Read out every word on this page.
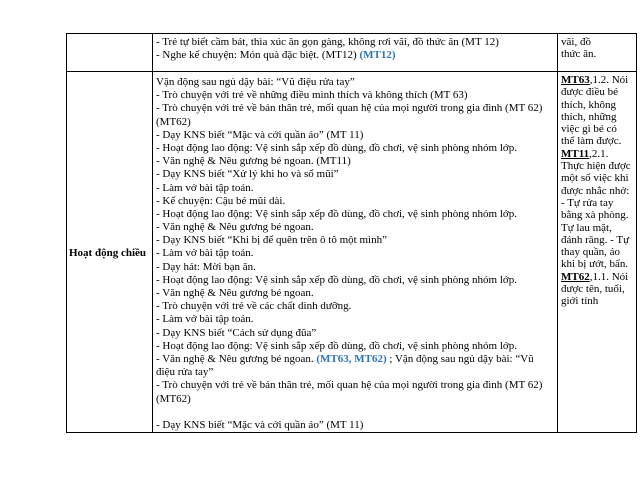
- Trẻ tự biết cầm bát, thìa xúc ăn gọn gàng, không rơi vãi, đồ thức ăn (MT 12)
- Nghe kể chuyện: Món quà đặc biệt. (MT12) (MT12)
vãi, đồ
thức ăn.
Hoạt động chiều
Vận động sau ngủ dậy bài: “Vũ điệu rửa tay”
- Trò chuyện với trẻ về những điều mình thích và không thích (MT 63)
- Trò chuyện với trẻ về bản thân trẻ, mối quan hệ của mọi người trong gia đình (MT 62) (MT62)
- Dạy KNS biết “Mặc và cởi quần áo” (MT 11)
- Hoạt động lao động: Vệ sinh sắp xếp đồ dùng, đồ chơi, vệ sinh phòng nhóm lớp.
- Văn nghệ & Nêu gương bé ngoan. (MT11)
- Dạy KNS biết “Xử lý khi ho và sổ mũi”
- Làm vở bài tập toán.
- Kể chuyện: Cậu bé mũi dài.
- Hoạt động lao động: Vệ sinh sắp xếp đồ dùng, đồ chơi, vệ sinh phòng nhóm lớp.
- Văn nghệ & Nêu gương bé ngoan.
- Dạy KNS biết “Khi bị để quên trên ô tô một mình”
- Làm vở bài tập toán.
- Dạy hát: Mời bạn ăn.
- Hoạt động lao động: Vệ sinh sắp xếp đồ dùng, đồ chơi, vệ sinh phòng nhóm lớp.
- Văn nghệ & Nêu gương bé ngoan.
- Trò chuyện với trẻ về các chất dinh dưỡng.
- Làm vở bài tập toán.
- Dạy KNS biết “Cách sử dụng đũa”
- Hoạt động lao động: Vệ sinh sắp xếp đồ dùng, đồ chơi, vệ sinh phòng nhóm lớp.
- Văn nghệ & Nêu gương bé ngoan. (MT63, MT62) ; Vận động sau ngủ dậy bài: “Vũ điệu rửa tay”
- Trò chuyện với trẻ về bản thân trẻ, mối quan hệ của mọi người trong gia đình (MT 62) (MT62)

- Dạy KNS biết “Mặc và cởi quần áo” (MT 11)
MT63,1.2. Nói được điều bé thích, không thích, những việc gì bé có thể làm được.
MT11,2.1. Thực hiện được một số việc khi được nhắc nhở: - Tự rửa tay bằng xà phòng. Tự lau mặt, đánh răng. - Tự thay quần, áo khi bị ướt, bẩn.
MT62,1.1. Nói được tên, tuổi, giới tính
